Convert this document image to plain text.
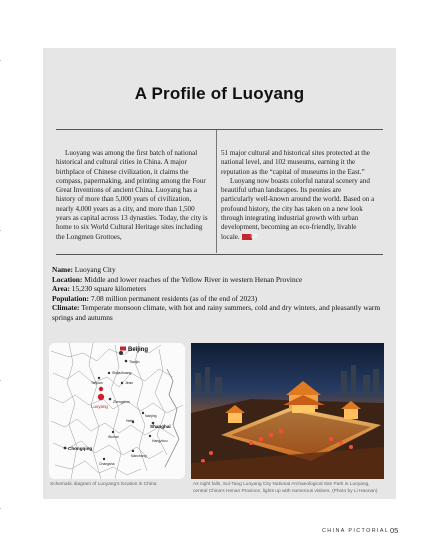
A Profile of Luoyang

Luoyang was among the first batch of national historical and cultural cities in China. A major birthplace of Chinese civilization, it claims the compass, papermaking, and printing among the Four Great Inventions of ancient China. Luoyang has a history of more than 5,000 years of civilization, nearly 4,000 years as a city, and more than 1,500 years as capital across 13 dynasties. Today, the city is home to six World Cultural Heritage sites including the Longmen Grottoes,

51 major cultural and historical sites protected at the national level, and 102 museums, earning it the reputation as the “capital of museums in the East.”

Luoyang now boasts colorful natural scenery and beautiful urban landscapes. Its peonies are particularly well-known around the world. Based on a profound history, the city has taken on a new look through integrating industrial growth with urban development, becoming an eco-friendly, livable locale. CP

Name: Luoyang City
Location: Middle and lower reaches of the Yellow River in western Henan Province
Area: 15,230 square kilometers
Population: 7.08 million permanent residents (as of the end of 2023)
Climate: Temperate monsoon climate, with hot and rainy summers, cold and dry winters, and pleasantly warm springs and autumns
Beijing
Tianjin
Shijiazhuang
Taiyuan	Jinan
Zhengzhou
Luoyang
Nanjing
Hefei
Shanghai
Wuhan
Hangzhou
Chongqing
Nanchang
Changsha
Schematic diagram of Luoyang’s location in China.	As night falls, Sui-Tang Luoyang City National Archaeological Site Park in Luoyang, central China’s Henan Province, lights up with numerous visitors. (Photo by Li Haonan)
CHINA PICTORIAL 05
